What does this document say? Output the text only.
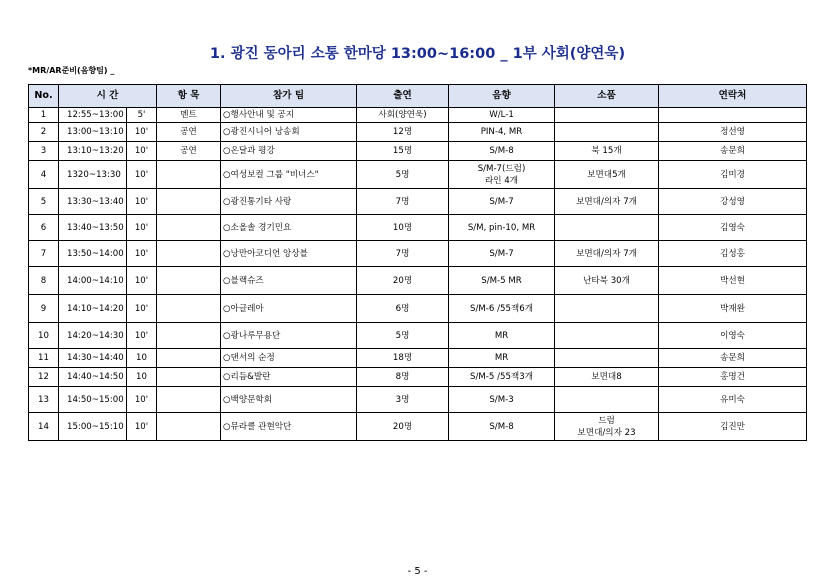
1. 광진 동아리 소통 한마당 13:00~16:00 _ 1부 사회(양연욱)
*MR/AR준비(음향팀) _
No.	시 간		항 목	참가 팀	출연	음향	소품	연락처
1	12:55~13:00	5'	멘트	○행사안내 및 공지	사회(양연욱)	W/L-1		
2	13:00~13:10	10'	공연	○광진시니어 낭송회	12명	PIN-4, MR		정선영
3	13:10~13:20	10'	공연	○온달과 평강	15명	S/M-8	북 15개	송문희
4	1320~13:30	10'		○여성보컬 그룹 "비너스"	5명	S/M-7(드럼)
라인 4개	보면대5개	김미경
5	13:30~13:40	10'		○광진통기타 사랑	7명	S/M-7	보면대/의자 7개	강성영
6	13:40~13:50	10'		○소올솔 경기민요	10명	S/M, pin-10, MR		김영숙
7	13:50~14:00	10'		○낭만아코디언 앙상블	7명	S/M-7	보면대/의자 7개	김성홍
8	14:00~14:10	10'		○블랙슈즈	20명	S/M-5 MR	난타북 30개	박선현
9	14:10~14:20	10'		○아글레아	6명	S/M-6 /55잭6개		박재완
10	14:20~14:30	10'		○광나루무용단	5명	MR		이영숙
11	14:30~14:40	10		○댄서의 순정	18명	MR		송문희
12	14:40~14:50	10		○리듬&발란	8명	S/M-5 /55잭3개	보면대8	홍명건
13	14:50~15:00	10'		○백양문학회	3명	S/M-3		유미숙
14	15:00~15:10	10'		○뮤라클 관현악단	20명	S/M-8	드럼
보면대/의자 23	김진만
- 5 -
